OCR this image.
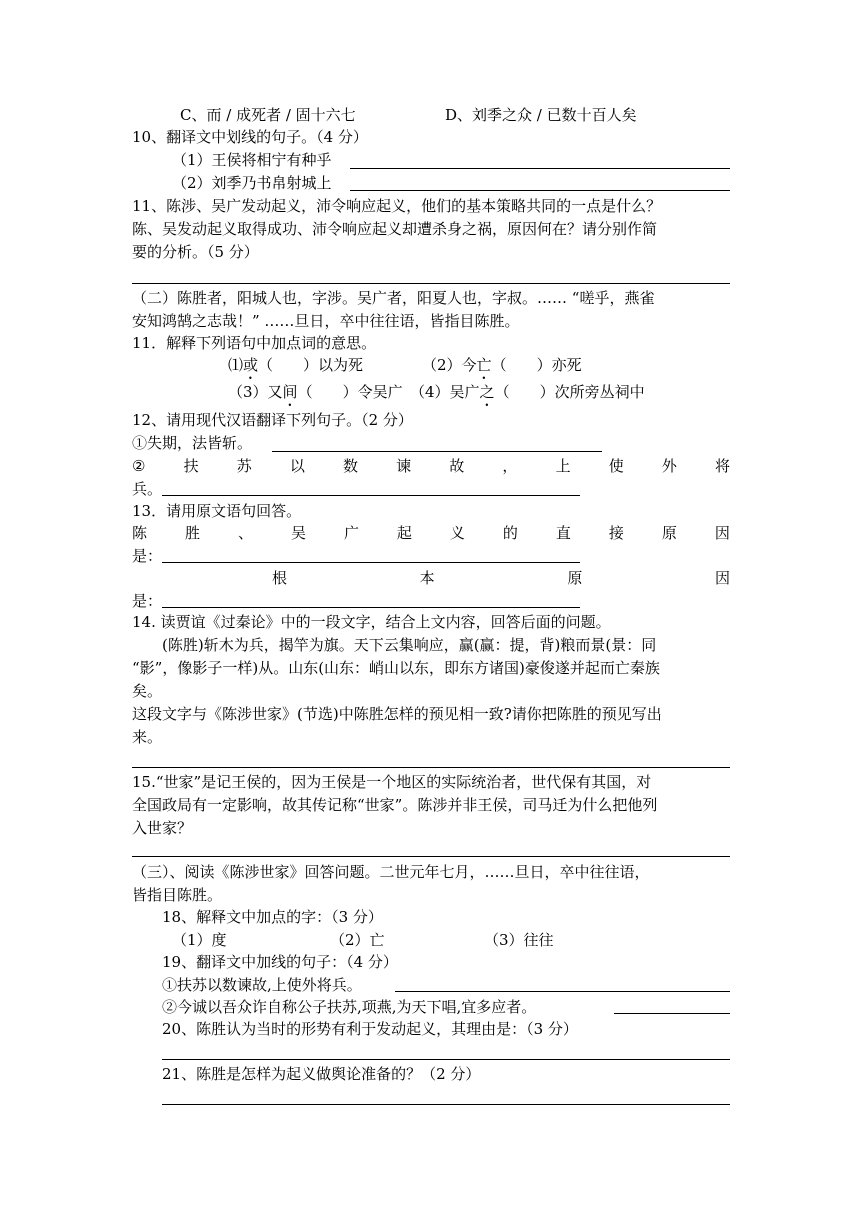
C、而 / 成死者 / 固十六七	D、刘季之众 / 已数十百人矣
10、翻译文中划线的句子。（4 分）
（1）王侯将相宁有种乎
（2）刘季乃书帛射城上
11、陈涉、吴广发动起义，沛令响应起义，他们的基本策略共同的一点是什么？
陈、吴发动起义取得成功、沛令响应起义却遭杀身之祸，原因何在？请分别作简
要的分析。（5 分）
（二）陈胜者，阳城人也，字涉。吴广者，阳夏人也，字叔。…… “嗟乎，燕雀
安知鸿鹄之志哉！” ……旦日，卒中往往语，皆指目陈胜。
11．解释下列语句中加点词的意思。
⑴或（　　）以为死	（2）今亡（　　）亦死
（3）又间（　　）令吴广 （4）吴广之（　　）次所旁丛祠中
12、请用现代汉语翻译下列句子。（2 分）
①失期，法皆斩。
②	扶	苏	以	数	谏	故	，	上	使	外	将
兵。
13．请用原文语句回答。
陈	胜	、	吴	广	起	义	的	直	接	原	因
是：
根	本	原	因
是：
14. 读贾谊《过秦论》中的一段文字，结合上文内容，回答后面的问题。
(陈胜)斩木为兵，揭竿为旗。天下云集响应，赢(赢：提，背)粮而景(景：同
“影”，像影子一样)从。山东(山东：峭山以东，即东方诸国)豪俊遂并起而亡秦族
矣。
这段文字与《陈涉世家》(节选)中陈胜怎样的预见相一致?请你把陈胜的预见写出
来。
15.“世家”是记王侯的，因为王侯是一个地区的实际统治者，世代保有其国，对
全国政局有一定影响，故其传记称“世家”。陈涉并非王侯，司马迁为什么把他列
入世家？
（三）、阅读《陈涉世家》回答问题。二世元年七月，……旦日，卒中往往语，
皆指目陈胜。
18、解释文中加点的字：（3 分）
（1）度	（2）亡	（3）往往
19、翻译文中加线的句子：（4 分）
①扶苏以数谏故,上使外将兵。
②今诚以吾众诈自称公子扶苏,项燕,为天下唱,宜多应者。
20、陈胜认为当时的形势有利于发动起义，其理由是：（3 分）
21、陈胜是怎样为起义做舆论准备的？（2 分）
